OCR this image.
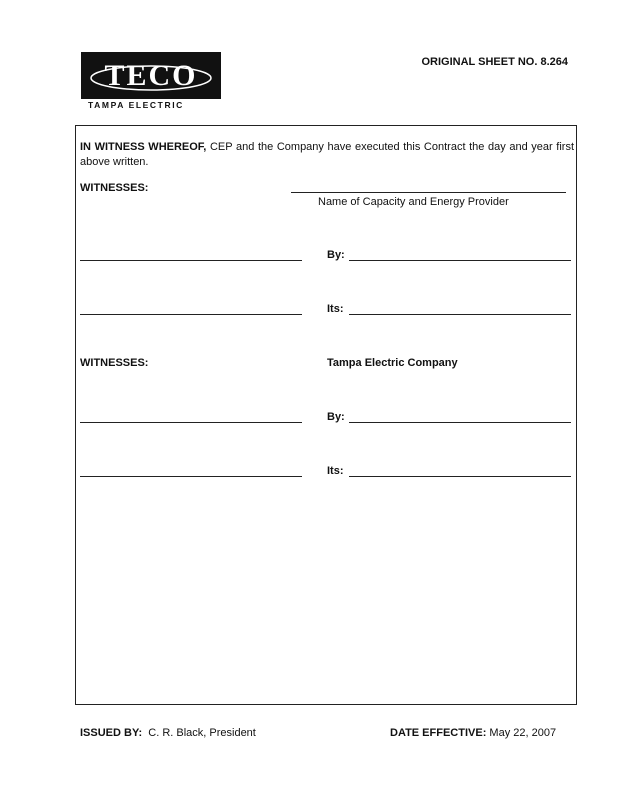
TECO
TAMPA ELECTRIC
ORIGINAL SHEET NO. 8.264
IN WITNESS WHEREOF, CEP and the Company have executed this Contract the day and year first above written.
WITNESSES:
Name of Capacity and Energy Provider
By:
Its:
WITNESSES:	Tampa Electric Company
By:
Its:
ISSUED BY: C. R. Black, President	DATE EFFECTIVE: May 22, 2007
